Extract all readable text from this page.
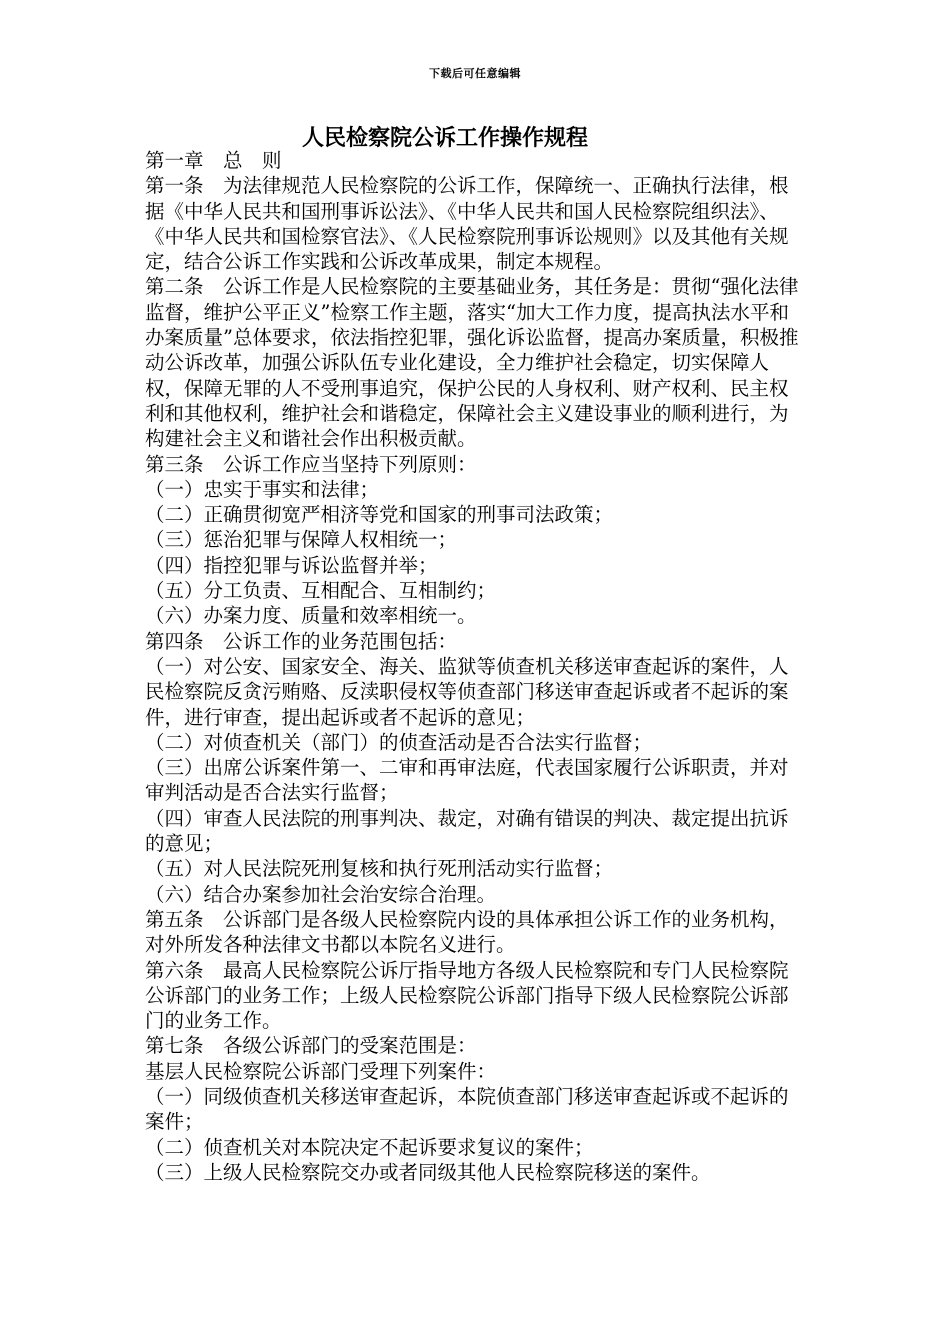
下载后可任意编辑
人民检察院公诉工作操作规程

第一章　总　则

第一条　为法律规范人民检察院的公诉工作，保障统一、正确执行法律，根据《中华人民共和国刑事诉讼法》、《中华人民共和国人民检察院组织法》、《中华人民共和国检察官法》、《人民检察院刑事诉讼规则》以及其他有关规定，结合公诉工作实践和公诉改革成果，制定本规程。

第二条　公诉工作是人民检察院的主要基础业务，其任务是：贯彻“强化法律监督，维护公平正义”检察工作主题，落实“加大工作力度，提高执法水平和办案质量”总体要求，依法指控犯罪，强化诉讼监督，提高办案质量，积极推动公诉改革，加强公诉队伍专业化建设，全力维护社会稳定，切实保障人权，保障无罪的人不受刑事追究，保护公民的人身权利、财产权利、民主权利和其他权利，维护社会和谐稳定，保障社会主义建设事业的顺利进行，为构建社会主义和谐社会作出积极贡献。

第三条　公诉工作应当坚持下列原则：

（一）忠实于事实和法律；

（二）正确贯彻宽严相济等党和国家的刑事司法政策；

（三）惩治犯罪与保障人权相统一；

（四）指控犯罪与诉讼监督并举；

（五）分工负责、互相配合、互相制约；

（六）办案力度、质量和效率相统一。

第四条　公诉工作的业务范围包括：

（一）对公安、国家安全、海关、监狱等侦查机关移送审查起诉的案件，人民检察院反贪污贿赂、反渎职侵权等侦查部门移送审查起诉或者不起诉的案件，进行审查，提出起诉或者不起诉的意见；

（二）对侦查机关（部门）的侦查活动是否合法实行监督；

（三）出席公诉案件第一、二审和再审法庭，代表国家履行公诉职责，并对审判活动是否合法实行监督；

（四）审查人民法院的刑事判决、裁定，对确有错误的判决、裁定提出抗诉的意见；

（五）对人民法院死刑复核和执行死刑活动实行监督；

（六）结合办案参加社会治安综合治理。

第五条　公诉部门是各级人民检察院内设的具体承担公诉工作的业务机构，对外所发各种法律文书都以本院名义进行。

第六条　最高人民检察院公诉厅指导地方各级人民检察院和专门人民检察院公诉部门的业务工作；上级人民检察院公诉部门指导下级人民检察院公诉部门的业务工作。

第七条　各级公诉部门的受案范围是：

基层人民检察院公诉部门受理下列案件：

（一）同级侦查机关移送审查起诉，本院侦查部门移送审查起诉或不起诉的案件；

（二）侦查机关对本院决定不起诉要求复议的案件；

（三）上级人民检察院交办或者同级其他人民检察院移送的案件。
